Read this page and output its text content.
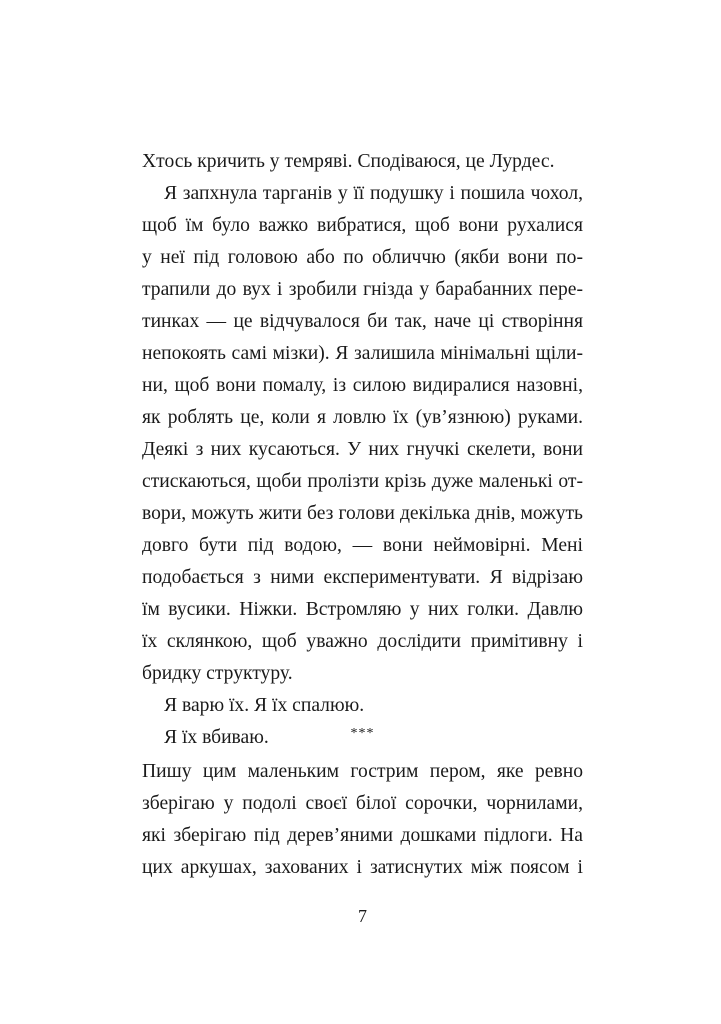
Хтось кричить у темряві. Сподіваюся, це Лурдес.
Я запхнула тарганів у її подушку і пошила чохол,
щоб їм було важко вибратися, щоб вони рухалися
у неї під головою або по обличчю (якби вони по-
трапили до вух і зробили гнізда у барабанних пере-
тинках — це відчувалося би так, наче ці створіння
непокоять самі мізки). Я залишила мінімальні щіли-
ни, щоб вони помалу, із силою видиралися назовні,
як роблять це, коли я ловлю їх (ув’язнюю) руками.
Деякі з них кусаються. У них гнучкі скелети, вони
стискаються, щоби пролізти крізь дуже маленькі от-
вори, можуть жити без голови декілька днів, можуть
довго бути під водою, — вони неймовірні. Мені
подобається з ними експериментувати. Я відрізаю
їм вусики. Ніжки. Встромляю у них голки. Давлю
їх склянкою, щоб уважно дослідити примітивну і
бридку структуру.
Я варю їх. Я їх спалюю.
Я їх вбиваю.	***
Пишу цим маленьким гострим пером, яке ревно
зберігаю у подолі своєї білої сорочки, чорнилами,
які зберігаю під дерев’яними дошками підлоги. На
цих аркушах, захованих і затиснутих між поясом і
7
